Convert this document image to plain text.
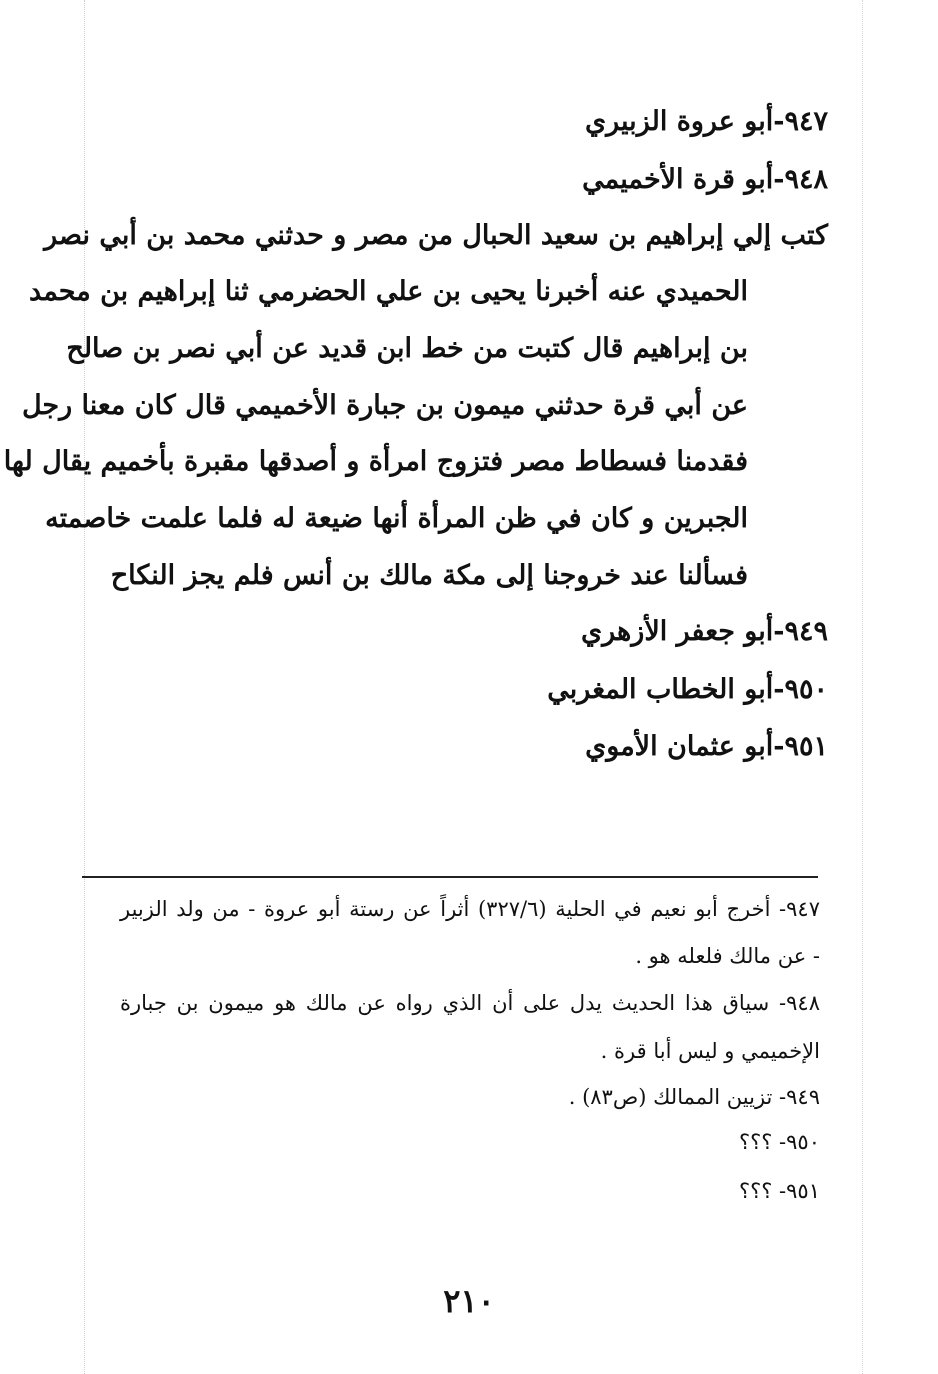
٩٤٧-أبو عروة الزبيري
٩٤٨-أبو قرة الأخميمي
كتب إلي إبراهيم بن سعيد الحبال من مصر و حدثني محمد بن أبي نصر
الحميدي عنه أخبرنا يحيى بن علي الحضرمي ثنا إبراهيم بن محمد
بن إبراهيم قال كتبت من خط ابن قديد عن أبي نصر بن صالح
عن أبي قرة حدثني ميمون بن جبارة الأخميمي قال كان معنا رجل
فقدمنا فسطاط مصر فتزوج امرأة و أصدقها مقبرة بأخميم يقال لها
الجبرين و كان في ظن المرأة أنها ضيعة له فلما علمت خاصمته
فسألنا عند خروجنا إلى مكة مالك بن أنس فلم يجز النكاح
٩٤٩-أبو جعفر الأزهري
٩٥٠-أبو الخطاب المغربي
٩٥١-أبو عثمان الأموي
٩٤٧- أخرج أبو نعيم في الحلية (٣٢٧/٦) أثراً عن رستة أبو عروة - من ولد الزبير
- عن مالك فلعله هو .
٩٤٨- سياق هذا الحديث يدل على أن الذي رواه عن مالك هو ميمون بن جبارة
الإخميمي و ليس أبا قرة .
٩٤٩- تزيين الممالك (ص٨٣) .
٩٥٠- ؟؟؟
٩٥١- ؟؟؟
٢١٠
